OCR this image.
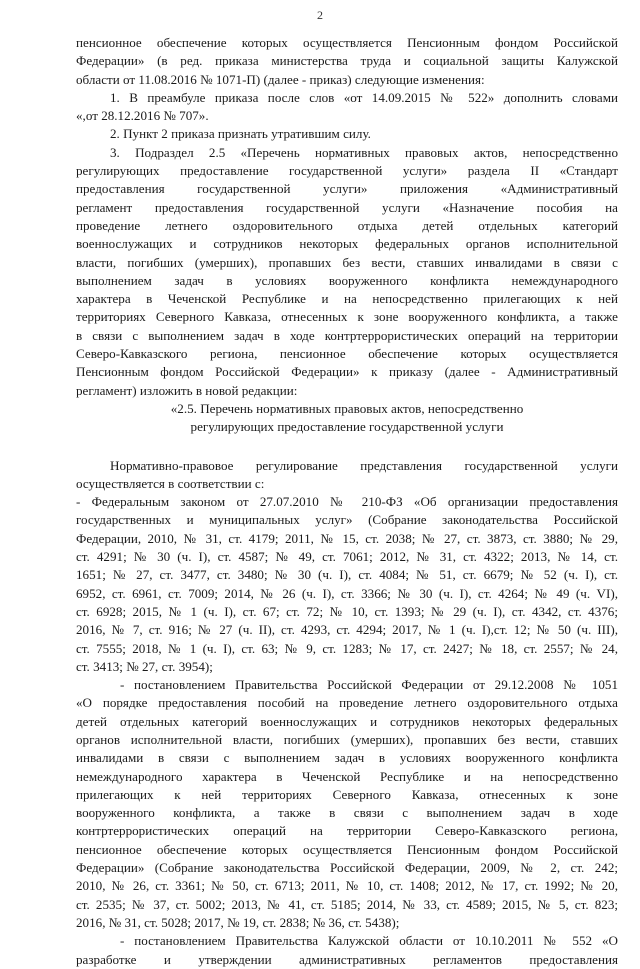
2
пенсионное обеспечение которых осуществляется Пенсионным фондом Российской
Федерации» (в ред. приказа министерства труда и социальной защиты Калужской
области от 11.08.2016 № 1071-П) (далее - приказ) следующие изменения:
1. В преамбуле приказа после слов «от 14.09.2015 № 522» дополнить словами
«,от 28.12.2016 № 707».
2. Пункт 2 приказа признать утратившим силу.
3. Подраздел 2.5 «Перечень нормативных правовых актов, непосредственно
регулирующих предоставление государственной услуги» раздела II «Стандарт
предоставления государственной услуги» приложения «Административный
регламент предоставления государственной услуги «Назначение пособия на
проведение летнего оздоровительного отдыха детей отдельных категорий
военнослужащих и сотрудников некоторых федеральных органов исполнительной
власти, погибших (умерших), пропавших без вести, ставших инвалидами в связи с
выполнением задач в условиях вооруженного конфликта немеждународного
характера в Чеченской Республике и на непосредственно прилегающих к ней
территориях Северного Кавказа, отнесенных к зоне вооруженного конфликта, а также
в связи с выполнением задач в ходе контртеррористических операций на территории
Северо-Кавказского региона, пенсионное обеспечение которых осуществляется
Пенсионным фондом Российской Федерации» к приказу (далее - Административный
регламент) изложить в новой редакции:
«2.5. Перечень нормативных правовых актов, непосредственно
регулирующих предоставление государственной услуги
Нормативно-правовое регулирование представления государственной услуги
осуществляется в соответствии с:
- Федеральным законом от 27.07.2010 № 210-ФЗ «Об организации предоставления
государственных и муниципальных услуг» (Собрание законодательства Российской
Федерации, 2010, № 31, ст. 4179; 2011, № 15, ст. 2038; № 27, ст. 3873, ст. 3880; № 29,
ст. 4291; № 30 (ч. I), ст. 4587; № 49, ст. 7061; 2012, № 31, ст. 4322; 2013, № 14, ст.
1651; № 27, ст. 3477, ст. 3480; № 30 (ч. I), ст. 4084; № 51, ст. 6679; № 52 (ч. I), ст.
6952, ст. 6961, ст. 7009; 2014, № 26 (ч. I), ст. 3366; № 30 (ч. I), ст. 4264; № 49 (ч. VI),
ст. 6928; 2015, № 1 (ч. I), ст. 67; ст. 72; № 10, ст. 1393; № 29 (ч. I), ст. 4342, ст. 4376;
2016, № 7, ст. 916; № 27 (ч. II), ст. 4293, ст. 4294; 2017, № 1 (ч. I),ст. 12; № 50 (ч. III),
ст. 7555; 2018, № 1 (ч. I), ст. 63; № 9, ст. 1283; № 17, ст. 2427; № 18, ст. 2557; № 24,
ст. 3413; № 27, ст. 3954);
- постановлением Правительства Российской Федерации от 29.12.2008 № 1051
«О порядке предоставления пособий на проведение летнего оздоровительного отдыха
детей отдельных категорий военнослужащих и сотрудников некоторых федеральных
органов исполнительной власти, погибших (умерших), пропавших без вести, ставших
инвалидами в связи с выполнением задач в условиях вооруженного конфликта
немеждународного характера в Чеченской Республике и на непосредственно
прилегающих к ней территориях Северного Кавказа, отнесенных к зоне
вооруженного конфликта, а также в связи с выполнением задач в ходе
контртеррористических операций на территории Северо-Кавказского региона,
пенсионное обеспечение которых осуществляется Пенсионным фондом Российской
Федерации» (Собрание законодательства Российской Федерации, 2009, № 2, ст. 242;
2010, № 26, ст. 3361; № 50, ст. 6713; 2011, № 10, ст. 1408; 2012, № 17, ст. 1992; № 20,
ст. 2535; № 37, ст. 5002; 2013, № 41, ст. 5185; 2014, № 33, ст. 4589; 2015, № 5, ст. 823;
2016, № 31, ст. 5028; 2017, № 19, ст. 2838; № 36, ст. 5438);
- постановлением Правительства Калужской области от 10.10.2011 № 552 «О
разработке и утверждении административных регламентов предоставления
